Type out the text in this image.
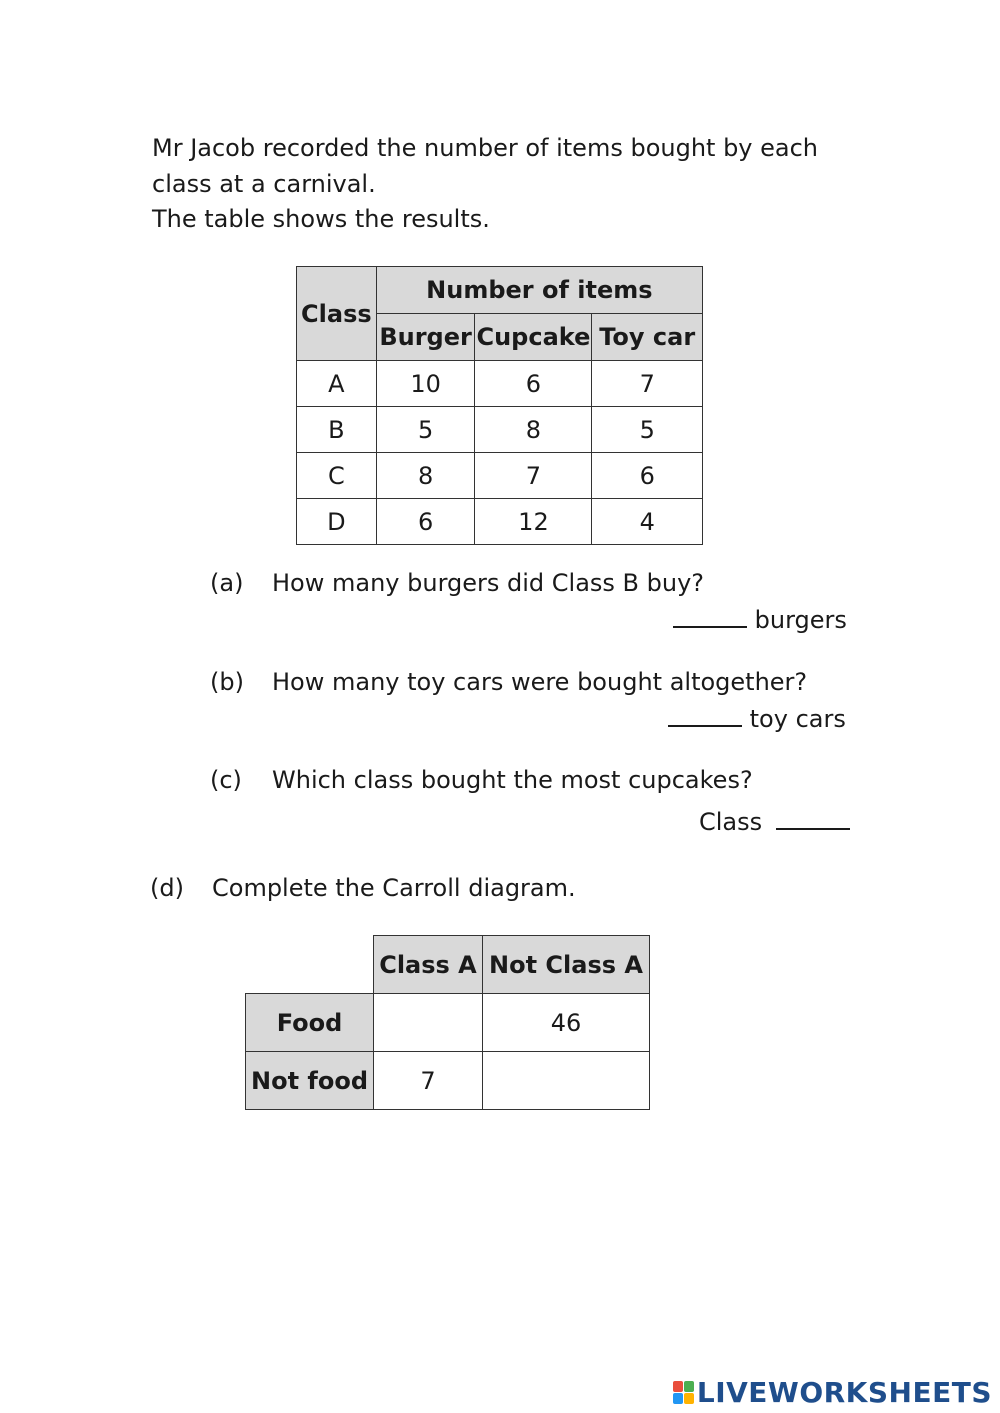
Mr Jacob recorded the number of items bought by each
class at a carnival.
The table shows the results.
Class	Number of items		
	Burger	Cupcake	Toy car
A	10	6	7
B	5	8	5
C	8	7	6
D	6	12	4
(a) How many burgers did Class B buy?
burgers
(b) How many toy cars were bought altogether?
toy cars
(c) Which class bought the most cupcakes?
Class
(d) Complete the Carroll diagram.
	Class A	Not Class A
Food		46
Not food	7	
LIVEWORKSHEETS
